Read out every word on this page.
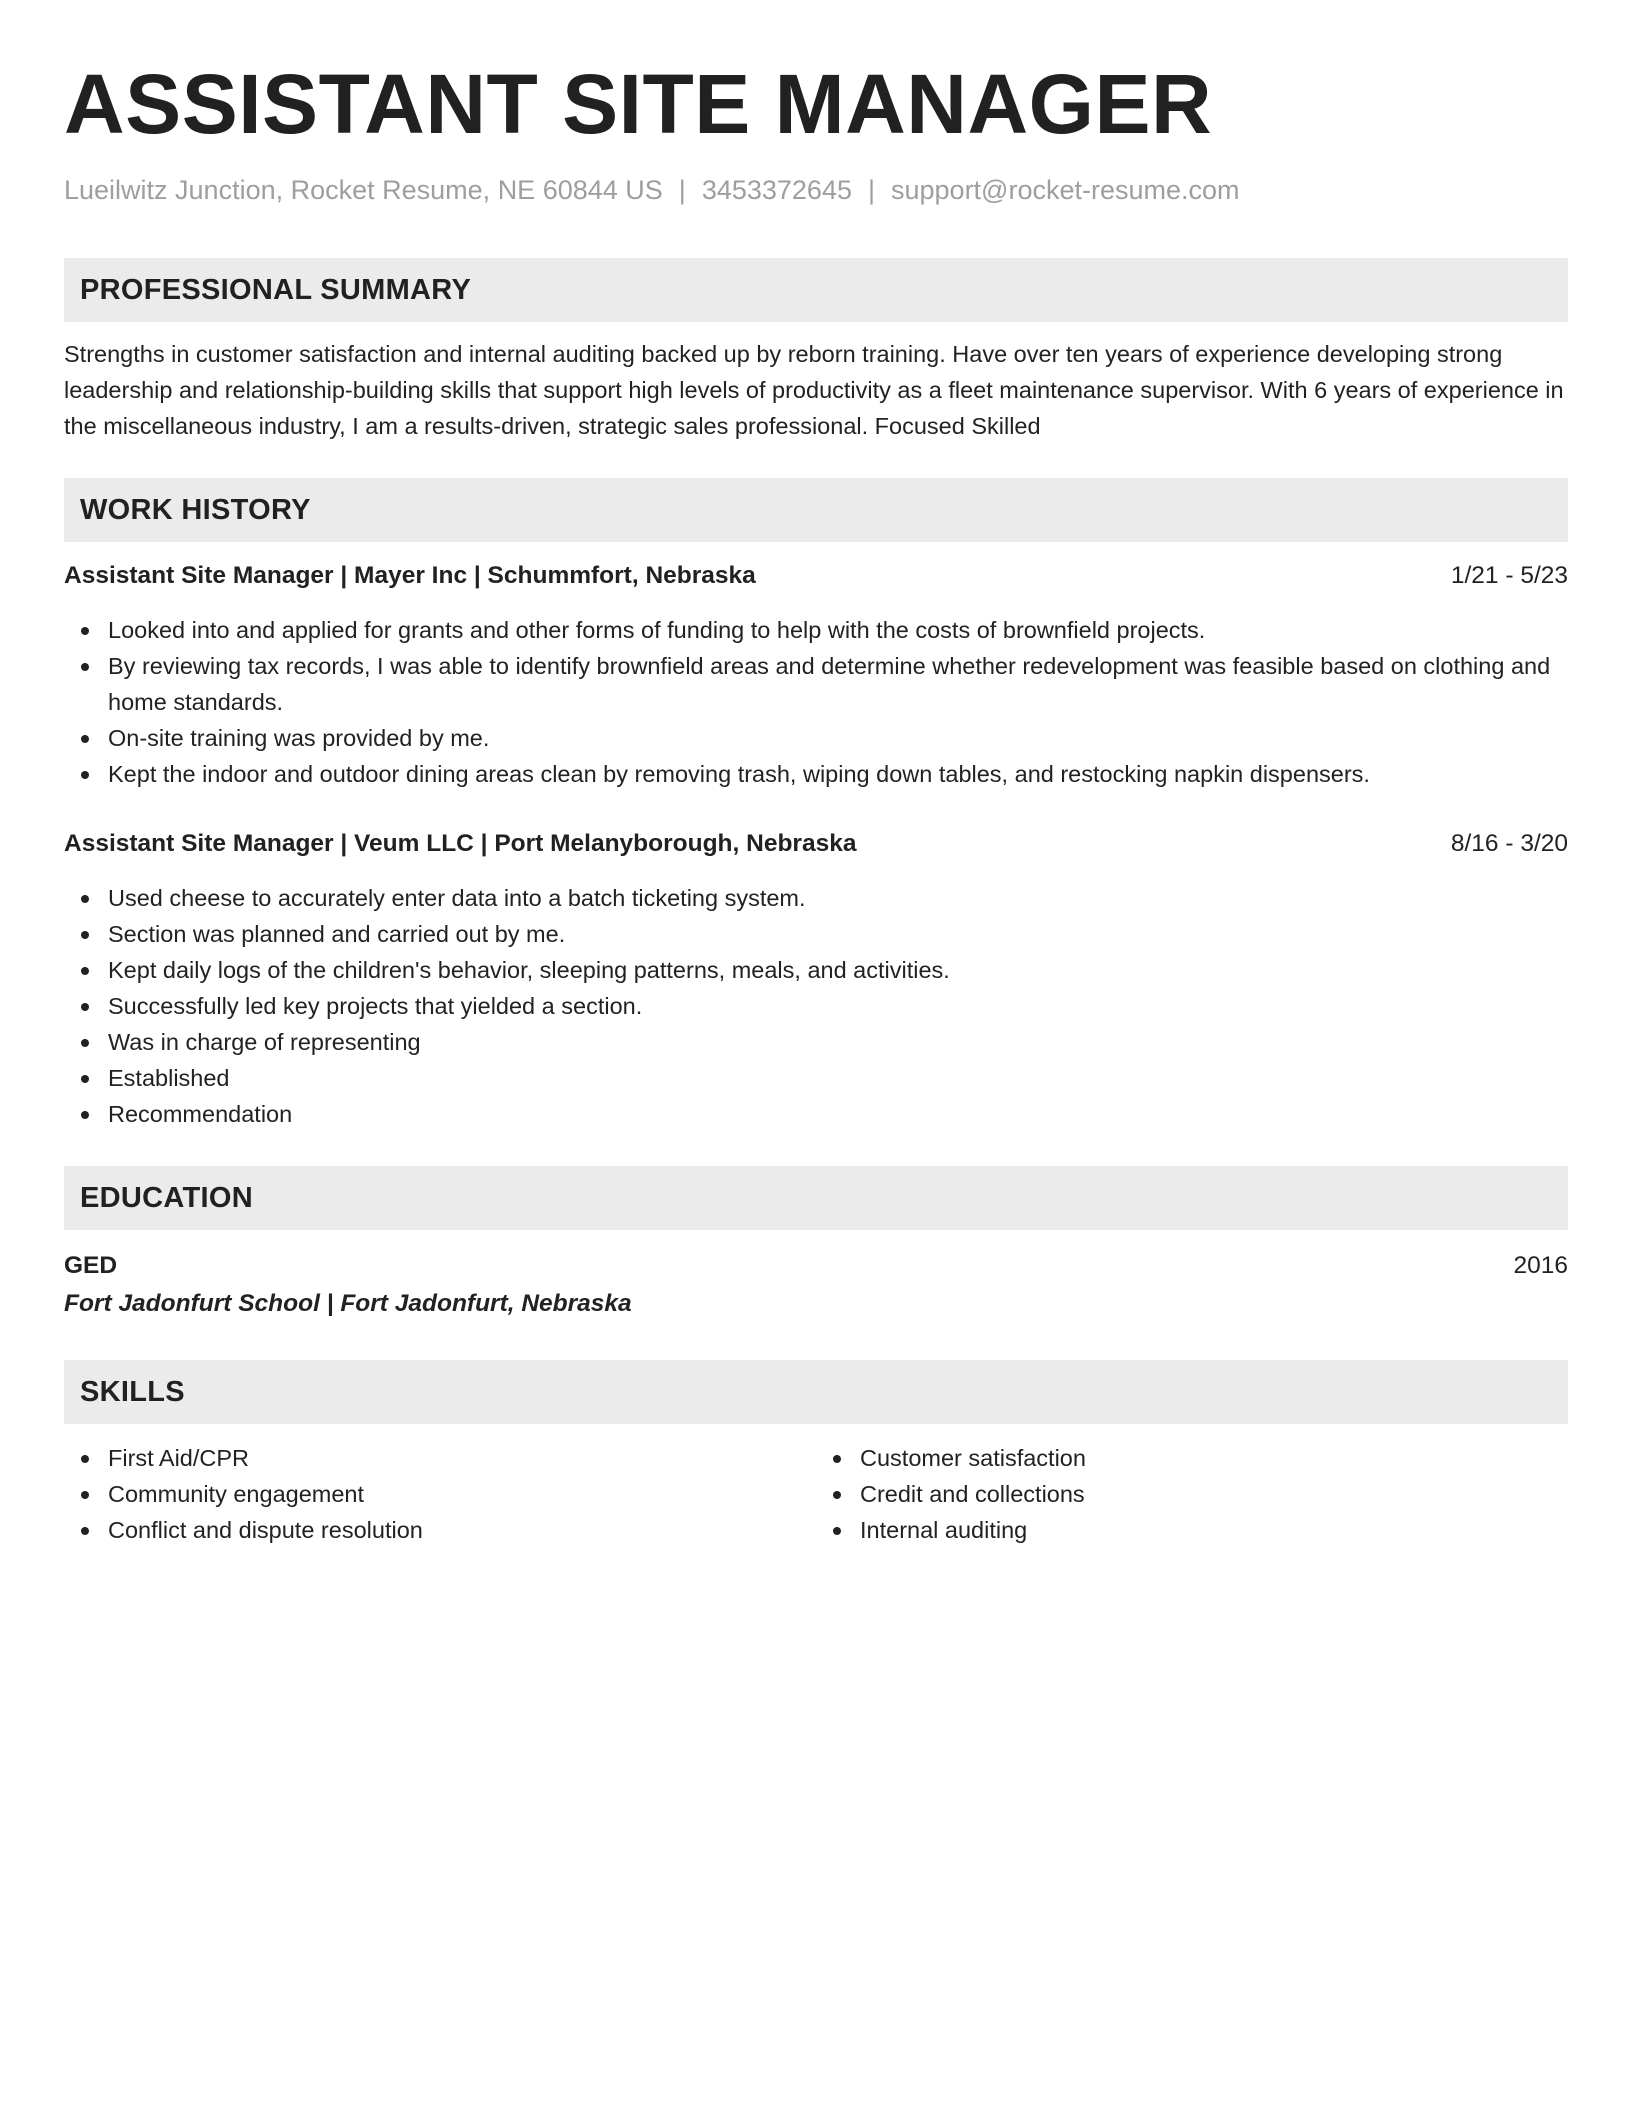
ASSISTANT SITE MANAGER
Lueilwitz Junction, Rocket Resume, NE 60844 US | 3453372645 | support@rocket-resume.com
PROFESSIONAL SUMMARY

Strengths in customer satisfaction and internal auditing backed up by reborn training. Have over ten years of experience developing strong leadership and relationship-building skills that support high levels of productivity as a fleet maintenance supervisor. With 6 years of experience in the miscellaneous industry, I am a results-driven, strategic sales professional. Focused Skilled

WORK HISTORY
Assistant Site Manager | Mayer Inc | Schummfort, Nebraska	1/21 - 5/23
Looked into and applied for grants and other forms of funding to help with the costs of brownfield projects.
By reviewing tax records, I was able to identify brownfield areas and determine whether redevelopment was feasible based on clothing and home standards.
On-site training was provided by me.
Kept the indoor and outdoor dining areas clean by removing trash, wiping down tables, and restocking napkin dispensers.
Assistant Site Manager | Veum LLC | Port Melanyborough, Nebraska	8/16 - 3/20
Used cheese to accurately enter data into a batch ticketing system.
Section was planned and carried out by me.
Kept daily logs of the children's behavior, sleeping patterns, meals, and activities.
Successfully led key projects that yielded a section.
Was in charge of representing
Established
Recommendation
EDUCATION
GED	2016
Fort Jadonfurt School | Fort Jadonfurt, Nebraska
SKILLS
First Aid/CPR
Community engagement
Conflict and dispute resolution
Customer satisfaction
Credit and collections
Internal auditing
